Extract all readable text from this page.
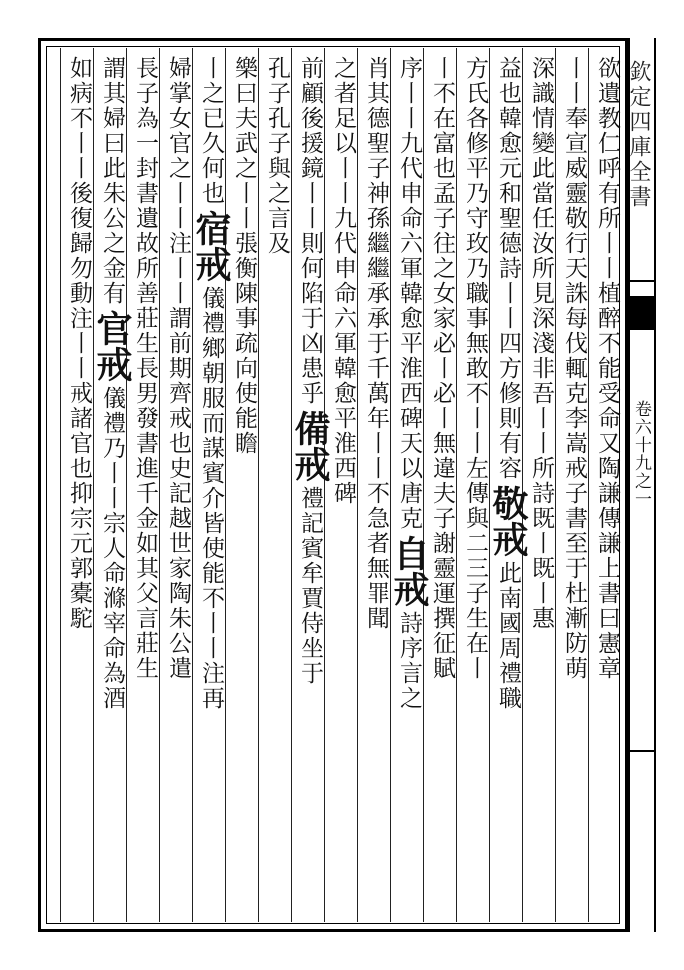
欽定四庫全書
卷六十九之一
欲遺教仁呼有所丨丨植醉不能受命又陶謙傳謙上書曰憲章
丨丨奉宣威靈敬行天誅每伐輒克李嵩戒子書至于杜漸防萌
深識情變此當任汝所見深淺非吾丨丨所詩既丨既丨惠
益也韓愈元和聖德詩丨丨四方修則有容敬戒此南國周禮職
方氏各修平乃守玫乃職事無敢不丨丨左傳與二三子生在丨
丨不在富也孟子往之女家必丨必丨無違夫子謝靈運撰征賦
序丨丨九代申命六軍韓愈平淮西碑天以唐克自戒詩序言之
肖其德聖子神孫繼繼承承于千萬年丨丨不急者無罪聞
之者足以丨丨九代申命六軍韓愈平淮西碑
前顧後援鏡丨丨則何陷于凶患乎備戒禮記賓牟賈侍坐于
孔子孔子與之言及
樂曰夫武之丨丨張衡陳事疏向使能瞻
丨之已久何也宿戒儀禮鄉朝服而謀賓介皆使能不丨丨注再
婦掌女官之丨丨注丨丨謂前期齊戒也史記越世家陶朱公遣
長子為一封書遺故所善莊生長男發書進千金如其父言莊生
謂其婦曰此朱公之金有官戒儀禮乃丨丨宗人命滌宰命為酒
如病不丨丨後復歸勿動注丨丨戒諸官也抑宗元郭橐駝
